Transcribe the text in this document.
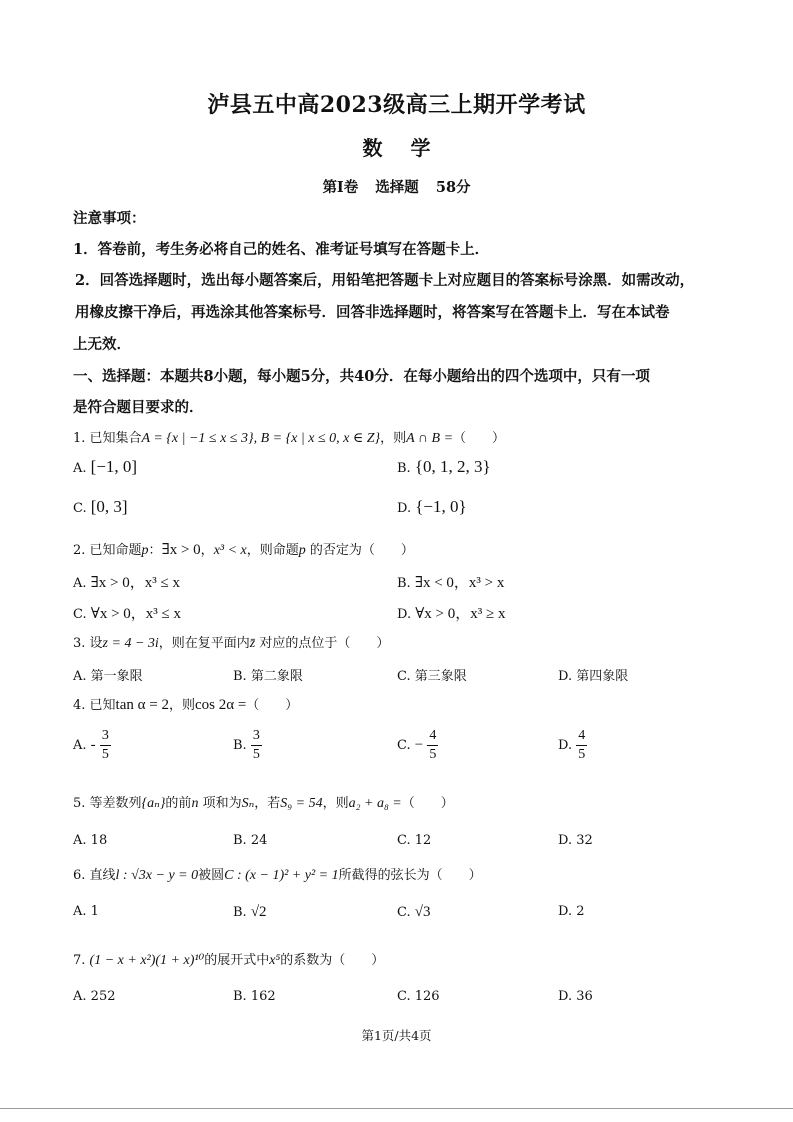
泸县五中高2023级高三上期开学考试
数 学
第Ⅰ卷 选择题 58分
注意事项：
1．答卷前，考生务必将自己的姓名、准考证号填写在答题卡上．
2．回答选择题时，选出每小题答案后，用铅笔把答题卡上对应题目的答案标号涂黑．如需改动，
用橡皮擦干净后，再选涂其他答案标号．回答非选择题时，将答案写在答题卡上．写在本试卷
上无效．
一、选择题：本题共8小题，每小题5分，共40分．在每小题给出的四个选项中，只有一项
是符合题目要求的．
1. 已知集合A = {x | −1 ≤ x ≤ 3}, B = {x | x ≤ 0, x ∈ Z}，则A ∩ B =（　　）
A. [−1, 0]	B. {0, 1, 2, 3}
C. [0, 3]	D. {−1, 0}
2. 已知命题p：∃x > 0，x³ < x，则命题p 的否定为（　　）
A. ∃x > 0，x³ ≤ x	B. ∃x < 0，x³ > x
C. ∀x > 0，x³ ≤ x	D. ∀x > 0，x³ ≥ x
3. 设z = 4 − 3i，则在复平面内z̄ 对应的点位于（　　）
A. 第一象限	B. 第二象限	C. 第三象限	D. 第四象限
4. 已知tan α = 2，则cos 2α =（　　）
A. - $\frac{3}{5}$	B. $\frac{3}{5}$	C. − $\frac{4}{5}$	D. $\frac{4}{5}$
5. 等差数列{aₙ}的前n 项和为Sₙ，若S₉ = 54，则a₂ + a₈ =（　　）
A. 18	B. 24	C. 12	D. 32
6. 直线l : √3x − y = 0被圆C : (x − 1)² + y² = 1所截得的弦长为（　　）
A. 1	B. √2	C. √3	D. 2
7. (1 − x + x²)(1 + x)¹⁰的展开式中x⁵的系数为（　　）
A. 252	B. 162	C. 126	D. 36
第1页/共4页
